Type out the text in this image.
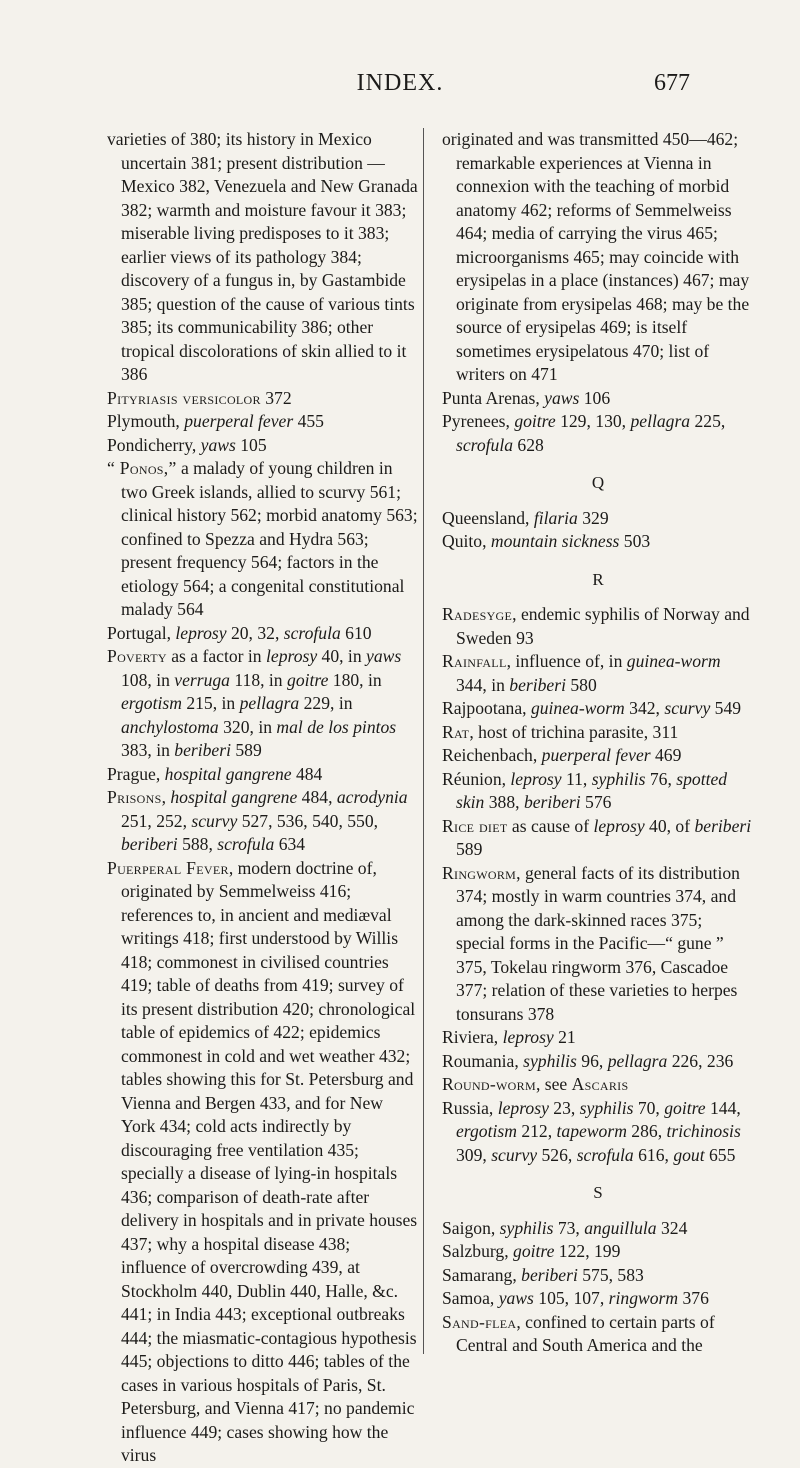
INDEX.	677

varieties of 380; its history in Mexico uncertain 381; present distribution — Mexico 382, Venezuela and New Granada 382; warmth and moisture favour it 383; miserable living predisposes to it 383; earlier views of its pathology 384; discovery of a fungus in, by Gastambide 385; question of the cause of various tints 385; its communicability 386; other tropical discolorations of skin allied to it 386

Pityriasis versicolor 372

Plymouth, puerperal fever 455

Pondicherry, yaws 105

“ Ponos,” a malady of young children in two Greek islands, allied to scurvy 561; clinical history 562; morbid anatomy 563; confined to Spezza and Hydra 563; present frequency 564; factors in the etiology 564; a congenital constitutional malady 564

Portugal, leprosy 20, 32, scrofula 610

Poverty as a factor in leprosy 40, in yaws 108, in verruga 118, in goitre 180, in ergotism 215, in pellagra 229, in anchylostoma 320, in mal de los pintos 383, in beriberi 589

Prague, hospital gangrene 484

Prisons, hospital gangrene 484, acrodynia 251, 252, scurvy 527, 536, 540, 550, beriberi 588, scrofula 634

Puerperal Fever, modern doctrine of, originated by Semmelweiss 416; references to, in ancient and mediæval writings 418; first understood by Willis 418; commonest in civilised countries 419; table of deaths from 419; survey of its present distribution 420; chronological table of epidemics of 422; epidemics commonest in cold and wet weather 432; tables showing this for St. Petersburg and Vienna and Bergen 433, and for New York 434; cold acts indirectly by discouraging free ventilation 435; specially a disease of lying-in hospitals 436; comparison of death-rate after delivery in hospitals and in private houses 437; why a hospital disease 438; influence of overcrowding 439, at Stockholm 440, Dublin 440, Halle, &c. 441; in India 443; exceptional outbreaks 444; the miasmatic-contagious hypothesis 445; objections to ditto 446; tables of the cases in various hospitals of Paris, St. Petersburg, and Vienna 417; no pandemic influence 449; cases showing how the virus

originated and was transmitted 450—462; remarkable experiences at Vienna in connexion with the teaching of morbid anatomy 462; reforms of Semmelweiss 464; media of carrying the virus 465; microorganisms 465; may coincide with erysipelas in a place (instances) 467; may originate from erysipelas 468; may be the source of erysipelas 469; is itself sometimes erysipelatous 470; list of writers on 471

Punta Arenas, yaws 106

Pyrenees, goitre 129, 130, pellagra 225, scrofula 628

Q

Queensland, filaria 329

Quito, mountain sickness 503

R

Radesyge, endemic syphilis of Norway and Sweden 93

Rainfall, influence of, in guinea-worm 344, in beriberi 580

Rajpootana, guinea-worm 342, scurvy 549

Rat, host of trichina parasite, 311

Reichenbach, puerperal fever 469

Réunion, leprosy 11, syphilis 76, spotted skin 388, beriberi 576

Rice diet as cause of leprosy 40, of beriberi 589

Ringworm, general facts of its distribution 374; mostly in warm countries 374, and among the dark-skinned races 375; special forms in the Pacific—“ gune ” 375, Tokelau ringworm 376, Cascadoe 377; relation of these varieties to herpes tonsurans 378

Riviera, leprosy 21

Roumania, syphilis 96, pellagra 226, 236

Round-worm, see Ascaris

Russia, leprosy 23, syphilis 70, goitre 144, ergotism 212, tapeworm 286, trichinosis 309, scurvy 526, scrofula 616, gout 655

S

Saigon, syphilis 73, anguillula 324

Salzburg, goitre 122, 199

Samarang, beriberi 575, 583

Samoa, yaws 105, 107, ringworm 376

Sand-flea, confined to certain parts of Central and South America and the
